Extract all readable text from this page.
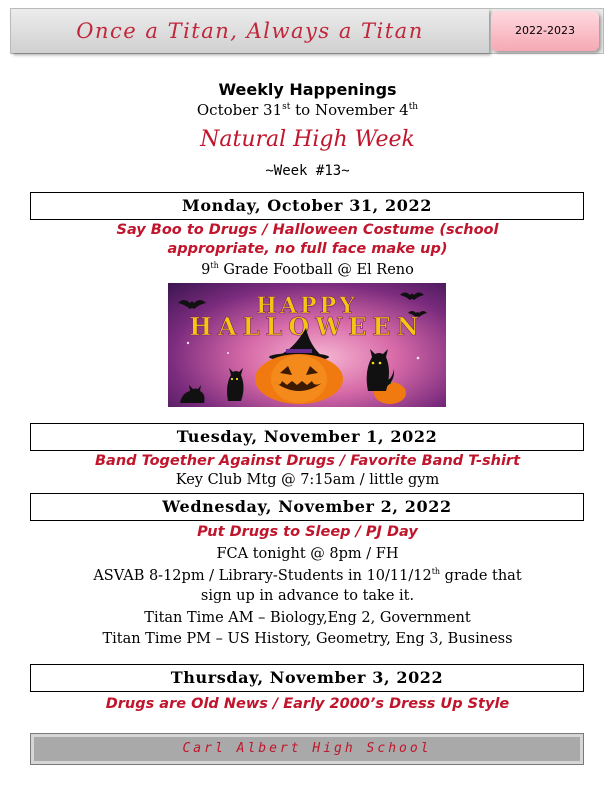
Once a Titan, Always a Titan	2022-2023
Weekly Happenings
October 31st to November 4th
Natural High Week
~Week #13~
Monday, October 31, 2022
Say Boo to Drugs / Halloween Costume (school
appropriate, no full face make up)
9th Grade Football @ El Reno
HAPPY
HALLOWEEN
Tuesday, November 1, 2022
Band Together Against Drugs / Favorite Band T-shirt
Key Club Mtg @ 7:15am / little gym
Wednesday, November 2, 2022
Put Drugs to Sleep / PJ Day
FCA tonight @ 8pm / FH
ASVAB 8-12pm / Library-Students in 10/11/12th grade that
sign up in advance to take it.
Titan Time AM – Biology,Eng 2, Government
Titan Time PM – US History, Geometry, Eng 3, Business
Thursday, November 3, 2022
Drugs are Old News / Early 2000’s Dress Up Style
Carl Albert High School
